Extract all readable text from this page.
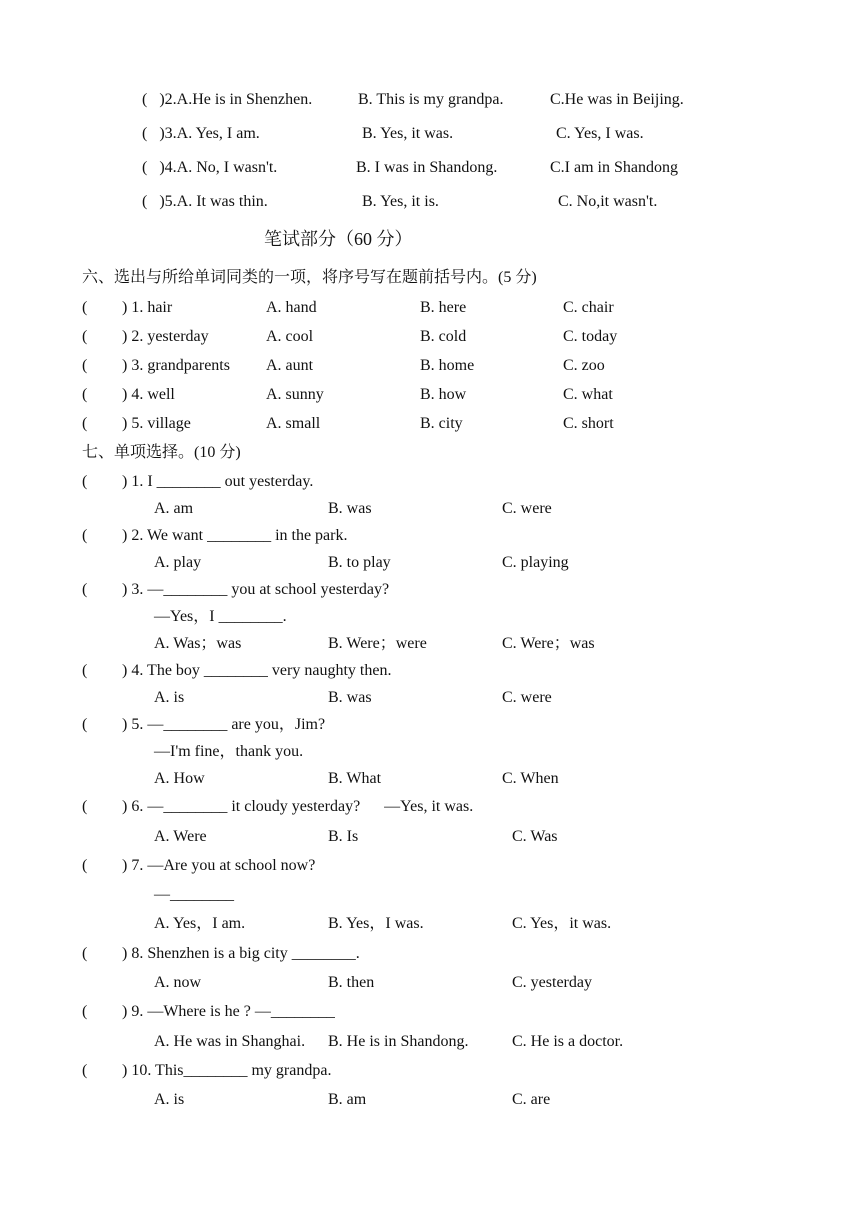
(   )2.A.He is in Shenzhen.	B. This is my grandpa.	C.He was in Beijing.
(   )3.A. Yes, I am.	B. Yes, it was.	C. Yes, I was.
(   )4.A. No, I wasn't.	B. I was in Shandong.	C.I am in Shandong
(   )5.A. It was thin.	B. Yes, it is.	C. No,it wasn't.
笔试部分（60 分）
六、选出与所给单词同类的一项，将序号写在题前括号内。(5 分)
( ) 1. hair	A. hand	B. here	C. chair
( ) 2. yesterday	A. cool	B. cold	C. today
( ) 3. grandparents A. aunt	B. home	C. zoo
( ) 4. well	A. sunny	B. how	C. what
( ) 5. village	A. small	B. city	C. short
七、单项选择。(10 分)
( ) 1. I ________ out yesterday.
A. am	B. was	C. were
( ) 2. We want ________ in the park.
A. play	B. to play	C. playing
( ) 3. —________ you at school yesterday?
—Yes，I ________.
A. Was；was	B. Were；were	C. Were；was
( ) 4. The boy ________ very naughty then.
A. is	B. was	C. were
( ) 5. —________ are you，Jim?
—I'm fine，thank you.
A. How	B. What	C. When
( ) 6. —________ it cloudy yesterday?      —Yes, it was.
A. Were	B. Is	C. Was
( ) 7. —Are you at school now?
—________
A. Yes，I am.	B. Yes，I was.	C. Yes，it was.
( ) 8. Shenzhen is a big city ________.
A. now	B. then	C. yesterday
( ) 9. —Where is he ? —________
A. He was in Shanghai. B. He is in Shandong.	C. He is a doctor.
( ) 10. This________ my grandpa.
A. is	B. am	C. are
